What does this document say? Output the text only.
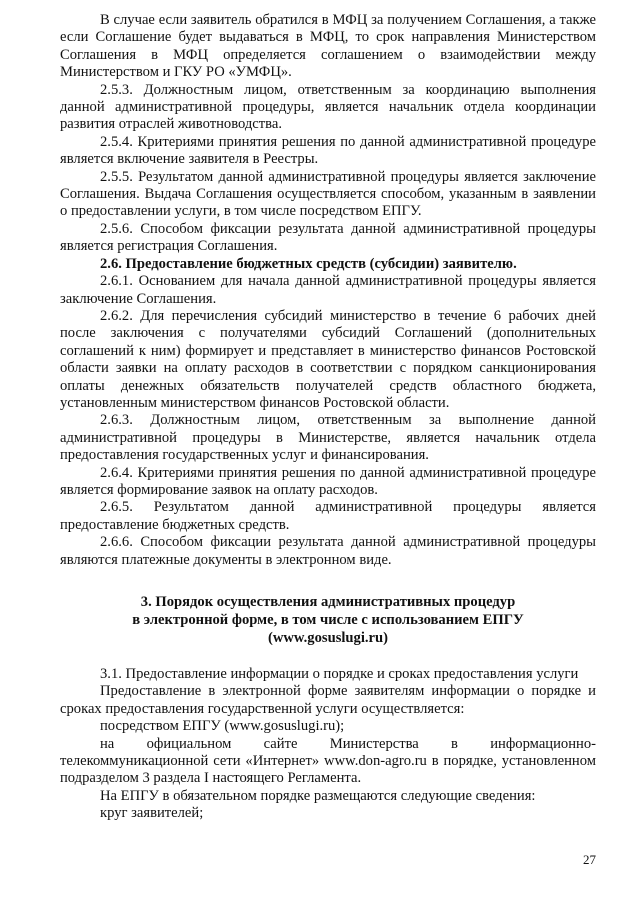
В случае если заявитель обратился в МФЦ за получением Соглашения, а также если Соглашение будет выдаваться в МФЦ, то срок направления Министерством Соглашения в МФЦ определяется соглашением о взаимодействии между Министерством и ГКУ РО «УМФЦ».

2.5.3. Должностным лицом, ответственным за координацию выполнения данной административной процедуры, является начальник отдела координации развития отраслей животноводства.

2.5.4. Критериями принятия решения по данной административной процедуре является включение заявителя в Реестры.

2.5.5. Результатом данной административной процедуры является заключение Соглашения. Выдача Соглашения осуществляется способом, указанным в заявлении о предоставлении услуги, в том числе посредством ЕПГУ.

2.5.6. Способом фиксации результата данной административной процедуры является регистрация Соглашения.

2.6. Предоставление бюджетных средств (субсидии) заявителю.

2.6.1. Основанием для начала данной административной процедуры является заключение Соглашения.

2.6.2. Для перечисления субсидий министерство в течение 6 рабочих дней после заключения с получателями субсидий Соглашений (дополнительных соглашений к ним) формирует и представляет в министерство финансов Ростовской области заявки на оплату расходов в соответствии с порядком санкционирования оплаты денежных обязательств получателей средств областного бюджета, установленным министерством финансов Ростовской области.

2.6.3. Должностным лицом, ответственным за выполнение данной административной процедуры в Министерстве, является начальник отдела предоставления государственных услуг и финансирования.

2.6.4. Критериями принятия решения по данной административной процедуре является формирование заявок на оплату расходов.

2.6.5. Результатом данной административной процедуры является предоставление бюджетных средств.

2.6.6. Способом фиксации результата данной административной процедуры являются платежные документы в электронном виде.

3. Порядок осуществления административных процедур
в электронной форме, в том числе с использованием ЕПГУ
(www.gosuslugi.ru)

3.1. Предоставление информации о порядке и сроках предоставления услуги

Предоставление в электронной форме заявителям информации о порядке и сроках предоставления государственной услуги осуществляется:

посредством ЕПГУ (www.gosuslugi.ru);

на официальном сайте Министерства в информационно-телекоммуникационной сети «Интернет» www.don-agro.ru в порядке, установленном подразделом 3 раздела I настоящего Регламента.

На ЕПГУ в обязательном порядке размещаются следующие сведения:

круг заявителей;

27
